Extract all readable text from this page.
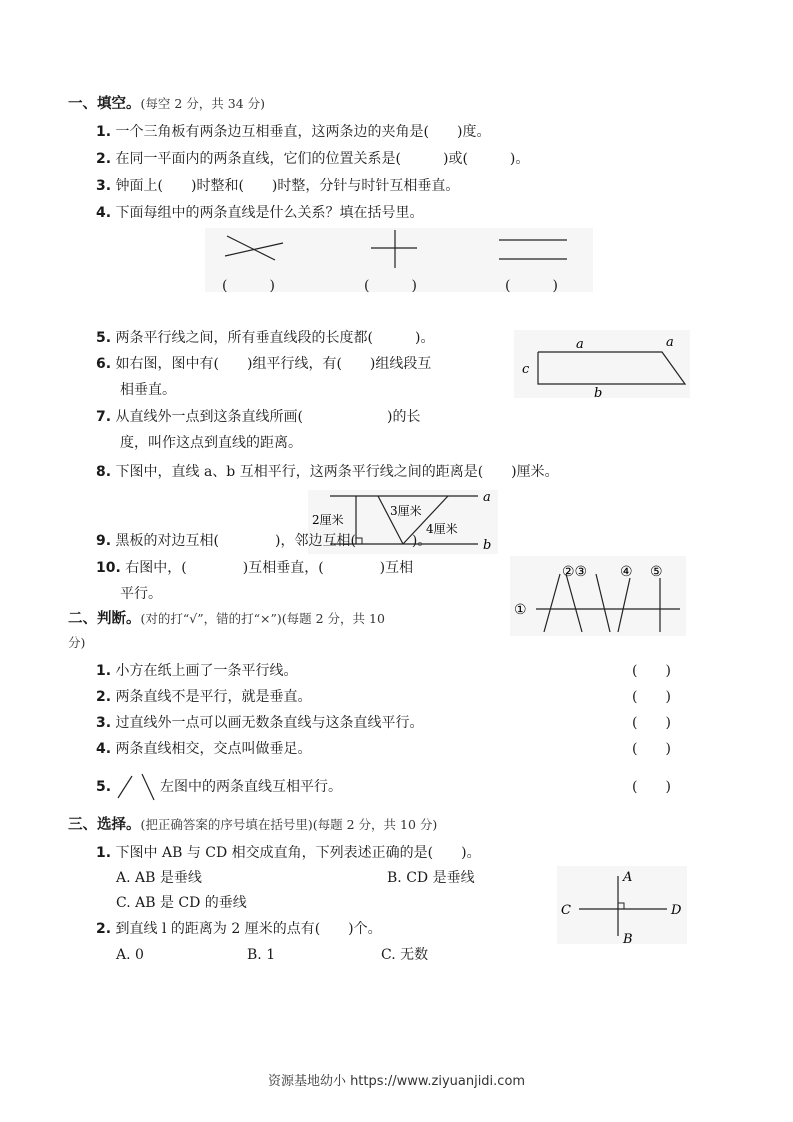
一、填空。(每空 2 分，共 34 分)
1. 一个三角板有两条边互相垂直，这两条边的夹角是(　　)度。
2. 在同一平面内的两条直线，它们的位置关系是(　　　)或(　　　)。
3. 钟面上(　　)时整和(　　)时整，分针与时针互相垂直。
4. 下面每组中的两条直线是什么关系？填在括号里。
(　　　)	(　　　)	(　　　)
5. 两条平行线之间，所有垂直线段的长度都(　　　)。
6. 如右图，图中有(　　)组平行线，有(　　)组线段互
相垂直。
a	a
c
b
7. 从直线外一点到这条直线所画(　　　　　　)的长
度，叫作这点到直线的距离。
8. 下图中，直线 a、b 互相平行，这两条平行线之间的距离是(　　)厘米。
a
b
2厘米
3厘米
4厘米
9. 黑板的对边互相(　　　　)，邻边互相(　　　　)。
10. 右图中，(　　　　)互相垂直，(　　　　)互相
平行。
①
②③ ④ ⑤
二、判断。(对的打“√”，错的打“×”)(每题 2 分，共 10
分)
1. 小方在纸上画了一条平行线。	(　　)
2. 两条直线不是平行，就是垂直。	(　　)
3. 过直线外一点可以画无数条直线与这条直线平行。	(　　)
4. 两条直线相交，交点叫做垂足。	(　　)
5.	左图中的两条直线互相平行。	(　　)
三、选择。(把正确答案的序号填在括号里)(每题 2 分，共 10 分)
1. 下图中 AB 与 CD 相交成直角，下列表述正确的是(　　)。
A. AB 是垂线	B. CD 是垂线
C. AB 是 CD 的垂线
A
B
C	D
2. 到直线 l 的距离为 2 厘米的点有(　　)个。
A. 0	B. 1	C. 无数
资源基地幼小 https://www.ziyuanjidi.com
